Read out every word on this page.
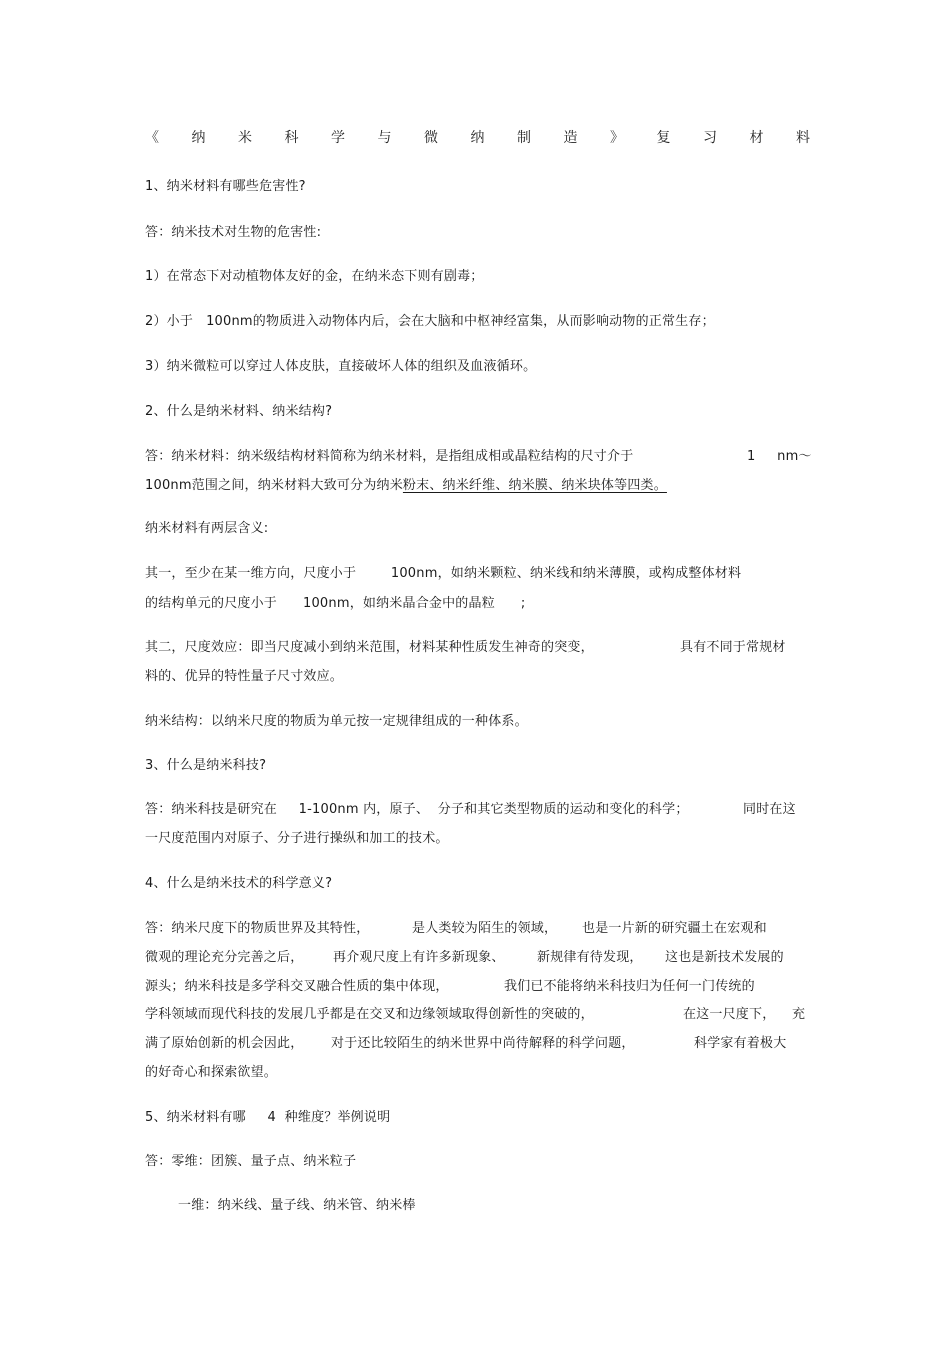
《 纳 米 科 学 与 微 纳 制 造 》 复 习 材 料
1、纳米材料有哪些危害性?
答：纳米技术对生物的危害性:
1）在常态下对动植物体友好的金，在纳米态下则有剧毒；
2）小于   100nm的物质进入动物体内后，会在大脑和中枢神经富集，从而影响动物的正常生存；
3）纳米微粒可以穿过人体皮肤，直接破坏人体的组织及血液循环。
2、什么是纳米材料、纳米结构?
答：纳米材料：纳米级结构材料简称为纳米材料，是指组成相或晶粒结构的尺寸介于	1     nm～
100nm范围之间，纳米材料大致可分为纳米粉末、纳米纤维、纳米膜、纳米块体等四类。
纳米材料有两层含义:
其一，至少在某一维方向，尺度小于        100nm，如纳米颗粒、纳米线和纳米薄膜，或构成整体材料
的结构单元的尺度小于      100nm，如纳米晶合金中的晶粒      ;
其二，尺度效应：即当尺度减小到纳米范围，材料某种性质发生神奇的突变，	具有不同于常规材
料的、优异的特性量子尺寸效应。
纳米结构：以纳米尺度的物质为单元按一定规律组成的一种体系。
3、什么是纳米科技?
答：纳米科技是研究在     1-100nm 内，原子、  分子和其它类型物质的运动和变化的科学；	同时在这
一尺度范围内对原子、分子进行操纵和加工的技术。
4、什么是纳米技术的科学意义?
答：纳米尺度下的物质世界及其特性，	是人类较为陌生的领域， 也是一片新的研究疆土在宏观和
微观的理论充分完善之后， 再介观尺度上有许多新现象、 新规律有待发现， 这也是新技术发展的
源头；纳米科技是多学科交叉融合性质的集中体现，	我们已不能将纳米科技归为任何一门传统的
学科领域而现代科技的发展几乎都是在交叉和边缘领域取得创新性的突破的，	在这一尺度下， 充
满了原始创新的机会因此， 对于还比较陌生的纳米世界中尚待解释的科学问题，	科学家有着极大
的好奇心和探索欲望。
5、纳米材料有哪     4  种维度？举例说明
答：零维：团簇、量子点、纳米粒子
一维：纳米线、量子线、纳米管、纳米棒
